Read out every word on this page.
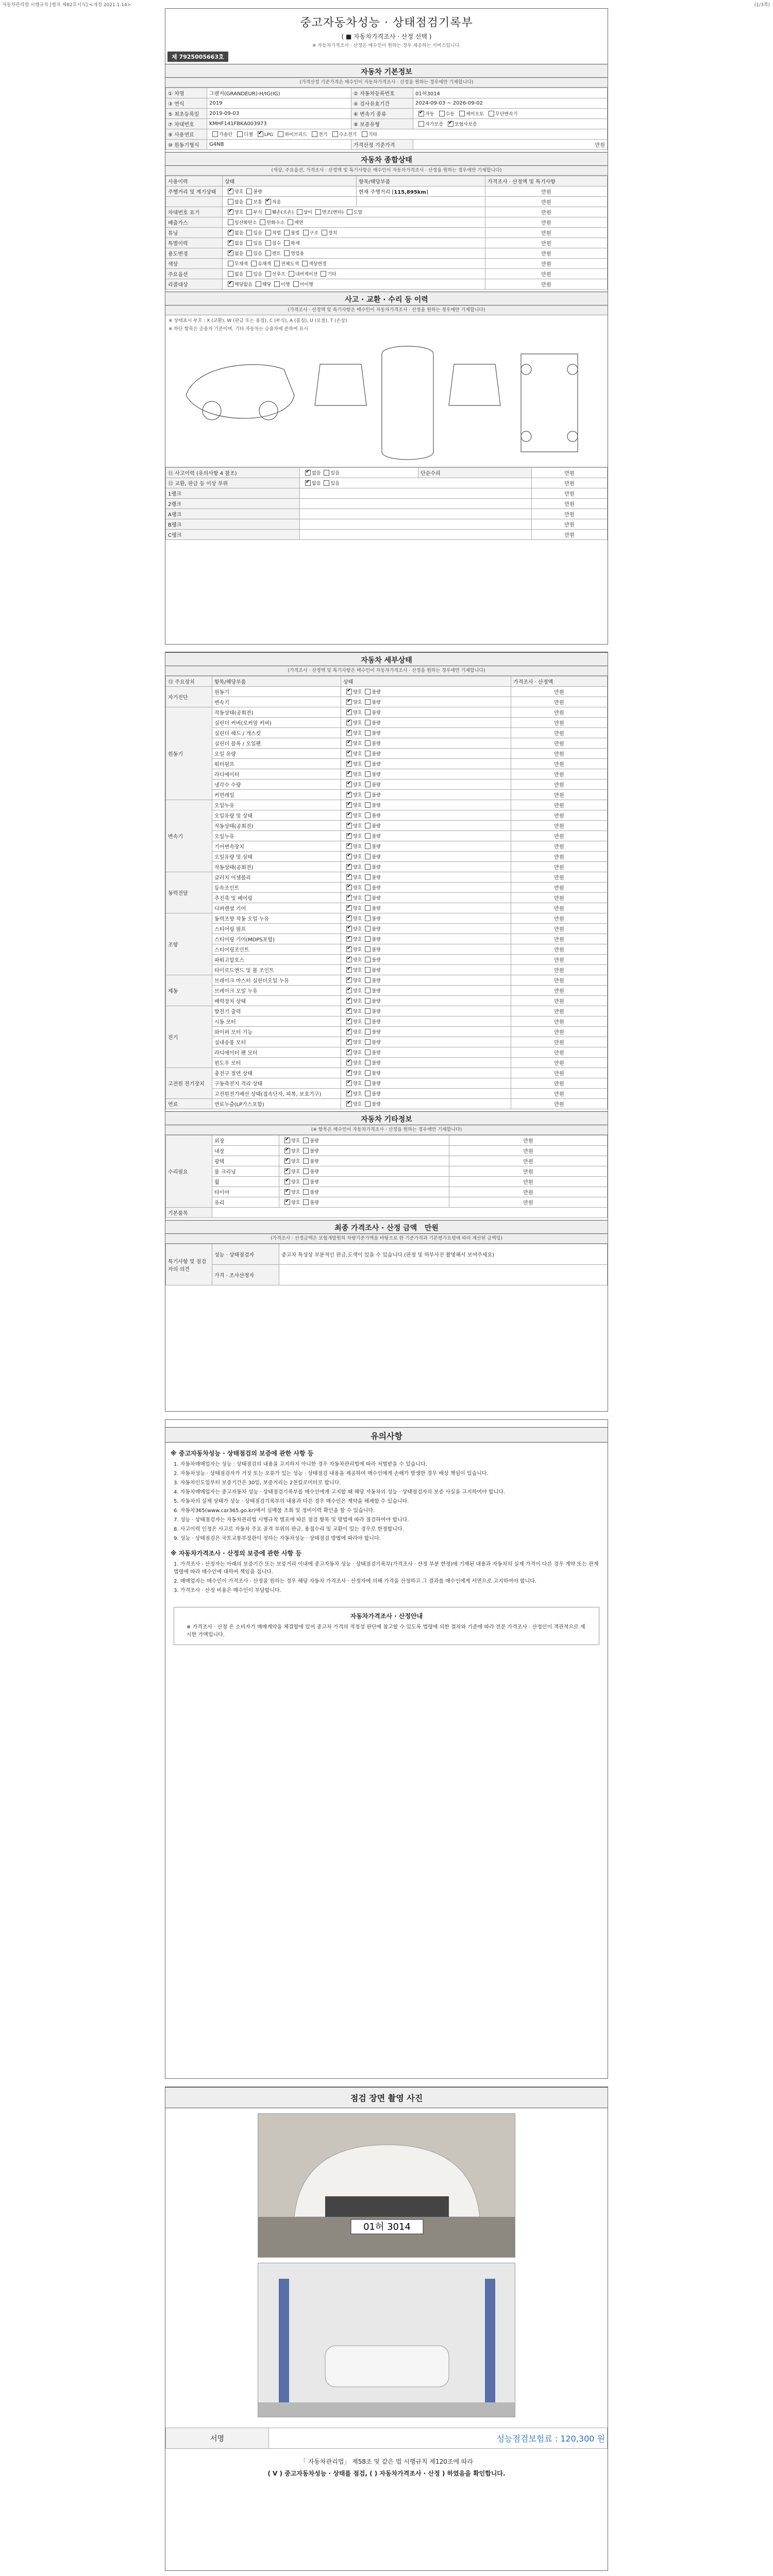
자동차관리법 시행규칙 [별지 제82호서식] <개정 2021.1.14>	(1/3쪽)
중고자동차성능 · 상태점검기록부
( ■ 자동차가격조사 · 산정 선택 )
※ 자동차가격조사 · 산정은 매수인이 원하는 경우 제공하는 서비스입니다.
제 7925005663호
자동차 기본정보
(가격산정 기준가격은 매수인이 자동차가격조사 · 산정을 원하는 경우에만 기재합니다)
① 차명	그랜저(GRANDEUR)-H/IG(IG)	② 자동차등록번호	01허3014
③ 연식	2019	④ 검사유효기간	2024-09-03 ~ 2026-09-02
⑤ 최초등록일	2019-09-03	⑥ 변속기 종류	✔자동 수동 세미오토 무단변속기
⑦ 차대번호	KMHF141FBKA003973	⑧ 보증유형	자가보증 ✔ 보험사보증
⑨ 사용연료	가솔린 디젤 ✔ LPG 하이브리드 전기 수소전기 기타
⑩ 원동기형식	G4NB	가격산정 기준가격	만원
자동차 종합상태
(색상, 주요옵션, 가격조사 · 산정액 및 특기사항은 매수인이 자동차가격조사 · 산정을 원하는 경우에만 기재합니다)
사용이력	상태	항목/해당부품	가격조사 · 산정액 및 특기사항
주행거리 및 계기상태	✔양호 불량	현재 주행거리 [115,895km]	만원
	많음 보통 ✔ 적음		만원
차대번호 표기	✔양호 부식 훼손(오손) 상이 변조(변타) 도말		만원
배출가스	일산화탄소 탄화수소 매연		만원
튜닝	✔없음 있음 적법 불법 구조 장치		만원
특별이력	✔없음 있음 침수 화재		만원
용도변경	✔없음 있음 렌트 영업용		만원
색상	무채색 유채색 전체도색 색상변경		만원
주요옵션	없음 있음 선루프 내비게이션 기타		만원
리콜대상	✔해당없음 해당 이행 미이행		만원
사고 · 교환 · 수리 등 이력
(가격조사 · 산정액 및 특기사항은 매수인이 자동차가격조사 · 산정을 원하는 경우에만 기재합니다)
※ 상태표시 부호 : X (교환), W (판금 또는 용접), C (부식), A (흠집), U (요철), T (손상)
※ 하단 항목은 승용차 기준이며, 기타 자동차는 승용차에 준하여 표시
⑪ 사고이력 (유의사항 4 참조)	✔없음 있음	단순수리	만원
⑫ 교환, 판금 등 이상 부위	✔없음 있음		만원
1랭크			만원
2랭크			만원
A랭크			만원
B랭크			만원
C랭크			만원
자동차 세부상태
(가격조사 · 산정액 및 특기사항은 매수인이 자동차가격조사 · 산정을 원하는 경우에만 기재합니다)
⑬ 주요장치	항목/해당부품	상태	가격조사 · 산정액
자기진단	원동기	✔양호 불량	만원
	변속기	✔양호 불량	만원
원동기	작동상태(공회전)	✔양호 불량	만원
	실린더 커버(로커암 커버)	✔양호 불량	만원
	실린더 헤드 / 개스킷	✔양호 불량	만원
	실린더 블록 / 오일팬	✔양호 불량	만원
	오일 유량	✔양호 불량	만원
	워터펌프	✔양호 불량	만원
	라디에이터	✔양호 불량	만원
	냉각수 수량	✔양호 불량	만원
	커먼레일	✔양호 불량	만원
변속기	오일누유	✔양호 불량	만원
	오일유량 및 상태	✔양호 불량	만원
	작동상태(공회전)	✔양호 불량	만원
	오일누유	✔양호 불량	만원
	기어변속장치	✔양호 불량	만원
	오일유량 및 상태	✔양호 불량	만원
	작동상태(공회전)	✔양호 불량	만원
동력전달	클러치 어셈블리	✔양호 불량	만원
	등속조인트	✔양호 불량	만원
	추진축 및 베어링	✔양호 불량	만원
	디퍼렌셜 기어	✔양호 불량	만원
조향	동력조향 작동 오일 누유	✔양호 불량	만원
	스티어링 펌프	✔양호 불량	만원
	스티어링 기어(MDPS포함)	✔양호 불량	만원
	스티어링조인트	✔양호 불량	만원
	파워고압호스	✔양호 불량	만원
	타이로드엔드 및 볼 조인트	✔양호 불량	만원
제동	브레이크 마스터 실린더오일 누유	✔양호 불량	만원
	브레이크 오일 누유	✔양호 불량	만원
	배력장치 상태	✔양호 불량	만원
전기	발전기 출력	✔양호 불량	만원
	시동 모터	✔양호 불량	만원
	와이퍼 모터 기능	✔양호 불량	만원
	실내송풍 모터	✔양호 불량	만원
	라디에이터 팬 모터	✔양호 불량	만원
	윈도우 모터	✔양호 불량	만원
고전원 전기장치	충전구 절연 상태	✔양호 불량	만원
	구동축전지 격리 상태	✔양호 불량	만원
	고전원전기배선 상태(접속단자, 피복, 보호기구)	✔양호 불량	만원
연료	연료누출(LP가스포함)	✔양호 불량	만원
자동차 기타정보
(※ 항목은 매수인이 자동차가격조사 · 산정을 원하는 경우에만 기재합니다)
수리필요	외장	✔양호 불량	만원
	내장	✔양호 불량	만원
	광택	✔양호 불량	만원
	룸 크리닝	✔양호 불량	만원
	휠	✔양호 불량	만원
	타이어	✔양호 불량	만원
	유리	✔양호 불량	만원
기본품목			
최종 가격조사 · 산정 금액 만원
(가격조사 · 산정금액은 보험개발원의 차량기준가액을 바탕으로 한 기준가격과 기본평가요령에 따라 계산된 금액임)
특기사항 및 점검자의 의견	성능 · 상태점검자	중고차 특성상 부분적인 판금,도색이 있을 수 있습니다.(판정 및 하부사진 촬영해서 보여주세요)
	가격 · 조사산정자	
유의사항
※ 중고자동차성능 · 상태점검의 보증에 관한 사항 등

1. 자동차매매업자는 성능 · 상태점검의 내용을 고지하지 아니한 경우 자동차관리법에 따라 처벌받을 수 있습니다.

2. 자동차성능 · 상태점검자가 거짓 또는 오류가 있는 성능 · 상태점검 내용을 제공하여 매수인에게 손해가 발생한 경우 배상 책임이 있습니다.

3. 자동차인도일부터 보증기간은 30일, 보증거리는 2천킬로미터로 합니다.

4. 자동차매매업자는 중고자동차 성능 · 상태점검기록부를 매수인에게 고지할 때 해당 자동차의 성능 · 상태점검자의 보증 사실을 고지하여야 합니다.

5. 자동차의 실제 상태가 성능 · 상태점검기록부의 내용과 다른 경우 매수인은 계약을 해제할 수 있습니다.

6. 자동차365(www.car365.go.kr)에서 실매물 조회 및 정비이력 확인을 할 수 있습니다.

7. 성능 · 상태점검자는 자동차관리법 시행규칙 별표에 따른 점검 항목 및 방법에 따라 점검하여야 합니다.

8. 사고이력 인정은 사고로 자동차 주요 골격 부위의 판금, 용접수리 및 교환이 있는 경우로 한정합니다.

9. 성능 · 상태점검은 국토교통부장관이 정하는 자동차성능 · 상태점검 방법에 따라야 합니다.

※ 자동차가격조사 · 산정의 보증에 관한 사항 등

1. 가격조사 · 산정자는 아래의 보증기간 또는 보증거리 이내에 중고자동차 성능 · 상태점검기록부(가격조사 · 산정 부분 한정)에 기재된 내용과 자동차의 실제 가격이 다른 경우 계약 또는 관계 법령에 따라 매수인에 대하여 책임을 집니다.

2. 매매업자는 매수인이 가격조사 · 산정을 원하는 경우 해당 자동차 가격조사 · 산정자에 의해 가격을 산정하고 그 결과를 매수인에게 서면으로 고지하여야 합니다.

3. 가격조사 · 산정 비용은 매수인이 부담합니다.

자동차가격조사 · 산정안내

※ 가격조사 · 산정 은 소비자가 매매계약을 체결함에 있어 중고차 가격의 적정성 판단에 참고할 수 있도록 법령에 의한 절차와 기준에 따라 전문 가격조사 · 산정인이 객관적으로 제시한 가액입니다.

점검 장면 촬영 사진
01허 3014
서명	성능점검보험료 : 120,300 원
「 자동차관리법」 제58조 및 같은 법 시행규칙 제120조에 따라
( V ) 중고자동차성능 · 상태를 점검, ( ) 자동차가격조사 · 산정 ) 하였음을 확인합니다.
